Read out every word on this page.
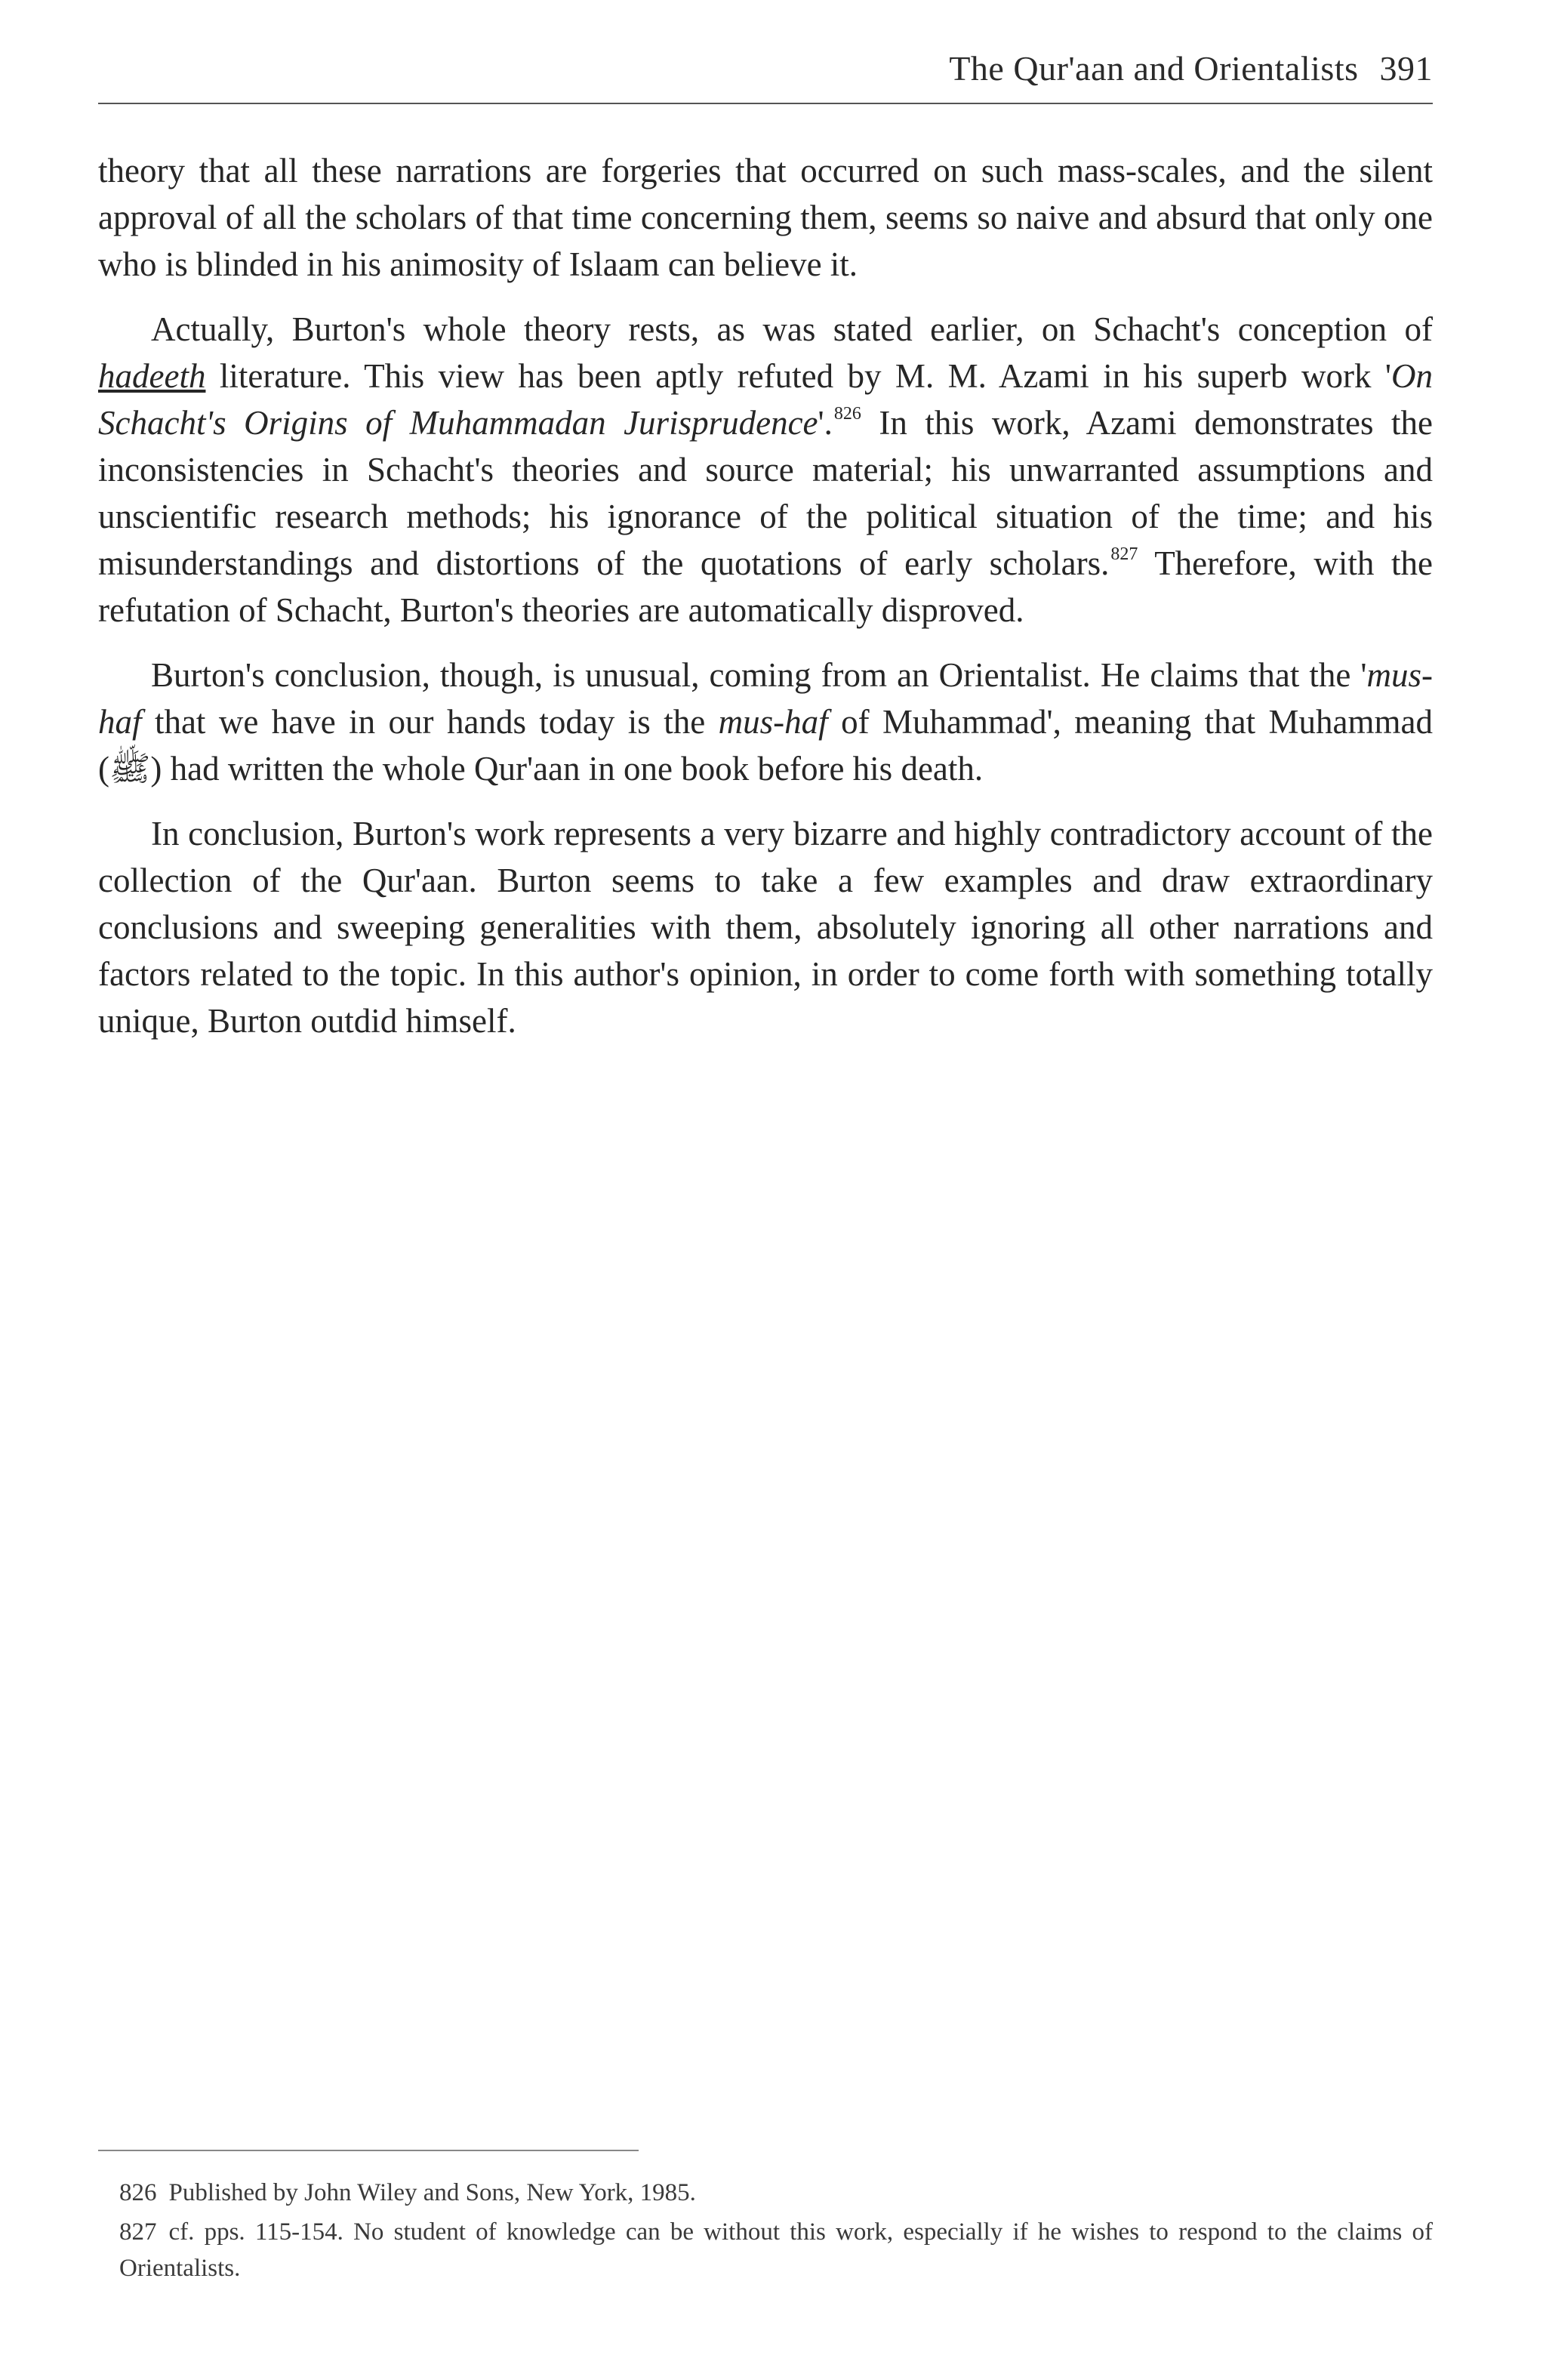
The Qur'aan and Orientalists 391

theory that all these narrations are forgeries that occurred on such mass-scales, and the silent approval of all the scholars of that time concerning them, seems so naive and absurd that only one who is blinded in his animosity of Islaam can believe it.

Actually, Burton's whole theory rests, as was stated earlier, on Schacht's conception of hadeeth literature. This view has been aptly refuted by M. M. Azami in his superb work 'On Schacht's Origins of Muhammadan Jurisprudence'.$^{826}$ In this work, Azami demonstrates the inconsistencies in Schacht's theories and source material; his unwarranted assumptions and unscientific research methods; his ignorance of the political situation of the time; and his misunderstandings and distortions of the quotations of early scholars.$^{827}$ Therefore, with the refutation of Schacht, Burton's theories are automatically disproved.

Burton's conclusion, though, is unusual, coming from an Orientalist. He claims that the 'mus-haf that we have in our hands today is the mus-haf of Muhammad', meaning that Muhammad (ﷺ) had written the whole Qur'aan in one book before his death.

In conclusion, Burton's work represents a very bizarre and highly contradictory account of the collection of the Qur'aan. Burton seems to take a few examples and draw extraordinary conclusions and sweeping generalities with them, absolutely ignoring all other narrations and factors related to the topic. In this author's opinion, in order to come forth with something totally unique, Burton outdid himself.

826 Published by John Wiley and Sons, New York, 1985.
827 cf. pps. 115-154. No student of knowledge can be without this work, especially if he wishes to respond to the claims of Orientalists.
